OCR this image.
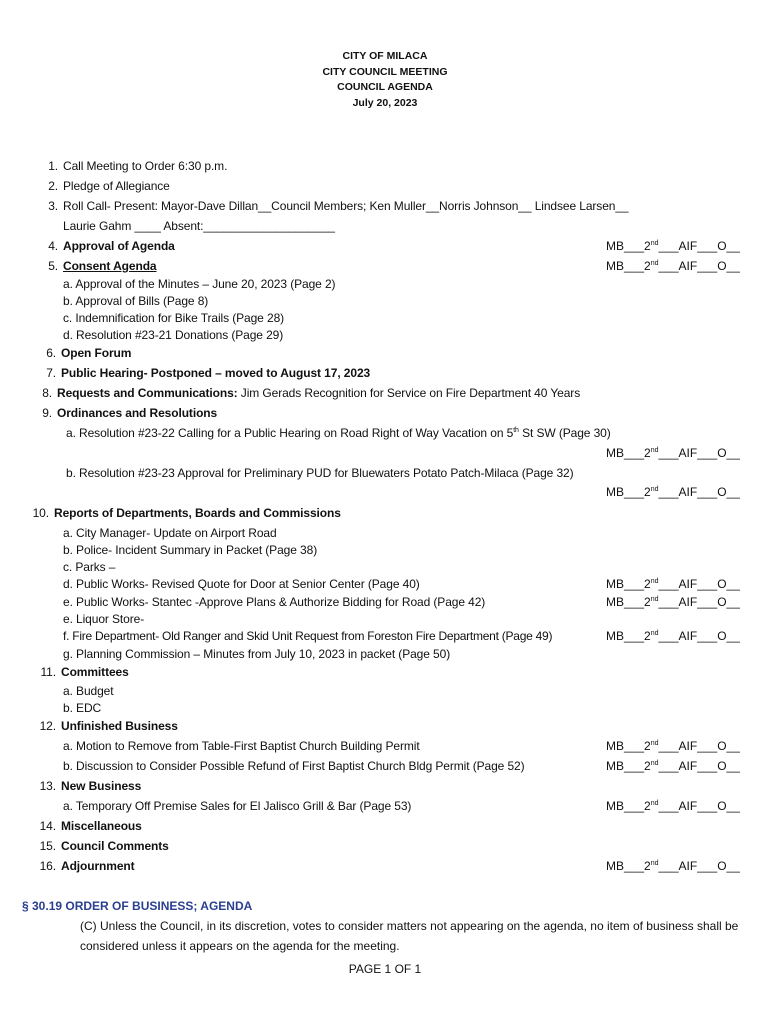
CITY OF MILACA
CITY COUNCIL MEETING
COUNCIL AGENDA
July 20, 2023
1. Call Meeting to Order 6:30 p.m.
2. Pledge of Allegiance
3. Roll Call- Present: Mayor-Dave Dillan__Council Members; Ken Muller__Norris Johnson__ Lindsee Larsen__
Laurie Gahm ____ Absent:____________________
4. Approval of Agenda	MB___2nd___AIF___O__
5. Consent Agenda	MB___2nd___AIF___O__
a. Approval of the Minutes – June 20, 2023 (Page 2)
b. Approval of Bills (Page 8)
c. Indemnification for Bike Trails (Page 28)
d. Resolution #23-21 Donations (Page 29)
6. Open Forum
7. Public Hearing- Postponed – moved to August 17, 2023
8. Requests and Communications: Jim Gerads Recognition for Service on Fire Department 40 Years
9. Ordinances and Resolutions
a. Resolution #23-22 Calling for a Public Hearing on Road Right of Way Vacation on 5th St SW (Page 30)
MB___2nd___AIF___O__
b. Resolution #23-23 Approval for Preliminary PUD for Bluewaters Potato Patch-Milaca (Page 32)
MB___2nd___AIF___O__
10. Reports of Departments, Boards and Commissions
a. City Manager- Update on Airport Road
b. Police- Incident Summary in Packet (Page 38)
c. Parks –
d. Public Works- Revised Quote for Door at Senior Center (Page 40)	MB___2nd___AIF___O__
e. Public Works- Stantec -Approve Plans & Authorize Bidding for Road (Page 42)	MB___2nd___AIF___O__
e. Liquor Store-
f. Fire Department- Old Ranger and Skid Unit Request from Foreston Fire Department (Page 49)	MB___2nd___AIF___O__
g. Planning Commission – Minutes from July 10, 2023 in packet (Page 50)
11. Committees
a. Budget
b. EDC
12. Unfinished Business
a. Motion to Remove from Table-First Baptist Church Building Permit	MB___2nd___AIF___O__
b. Discussion to Consider Possible Refund of First Baptist Church Bldg Permit (Page 52)	MB___2nd___AIF___O__
13. New Business
a. Temporary Off Premise Sales for El Jalisco Grill & Bar (Page 53)	MB___2nd___AIF___O__
14. Miscellaneous
15. Council Comments
16. Adjournment	MB___2nd___AIF___O__
§ 30.19 ORDER OF BUSINESS; AGENDA
(C) Unless the Council, in its discretion, votes to consider matters not appearing on the agenda, no item of business shall be considered unless it appears on the agenda for the meeting.
PAGE 1 OF 1
